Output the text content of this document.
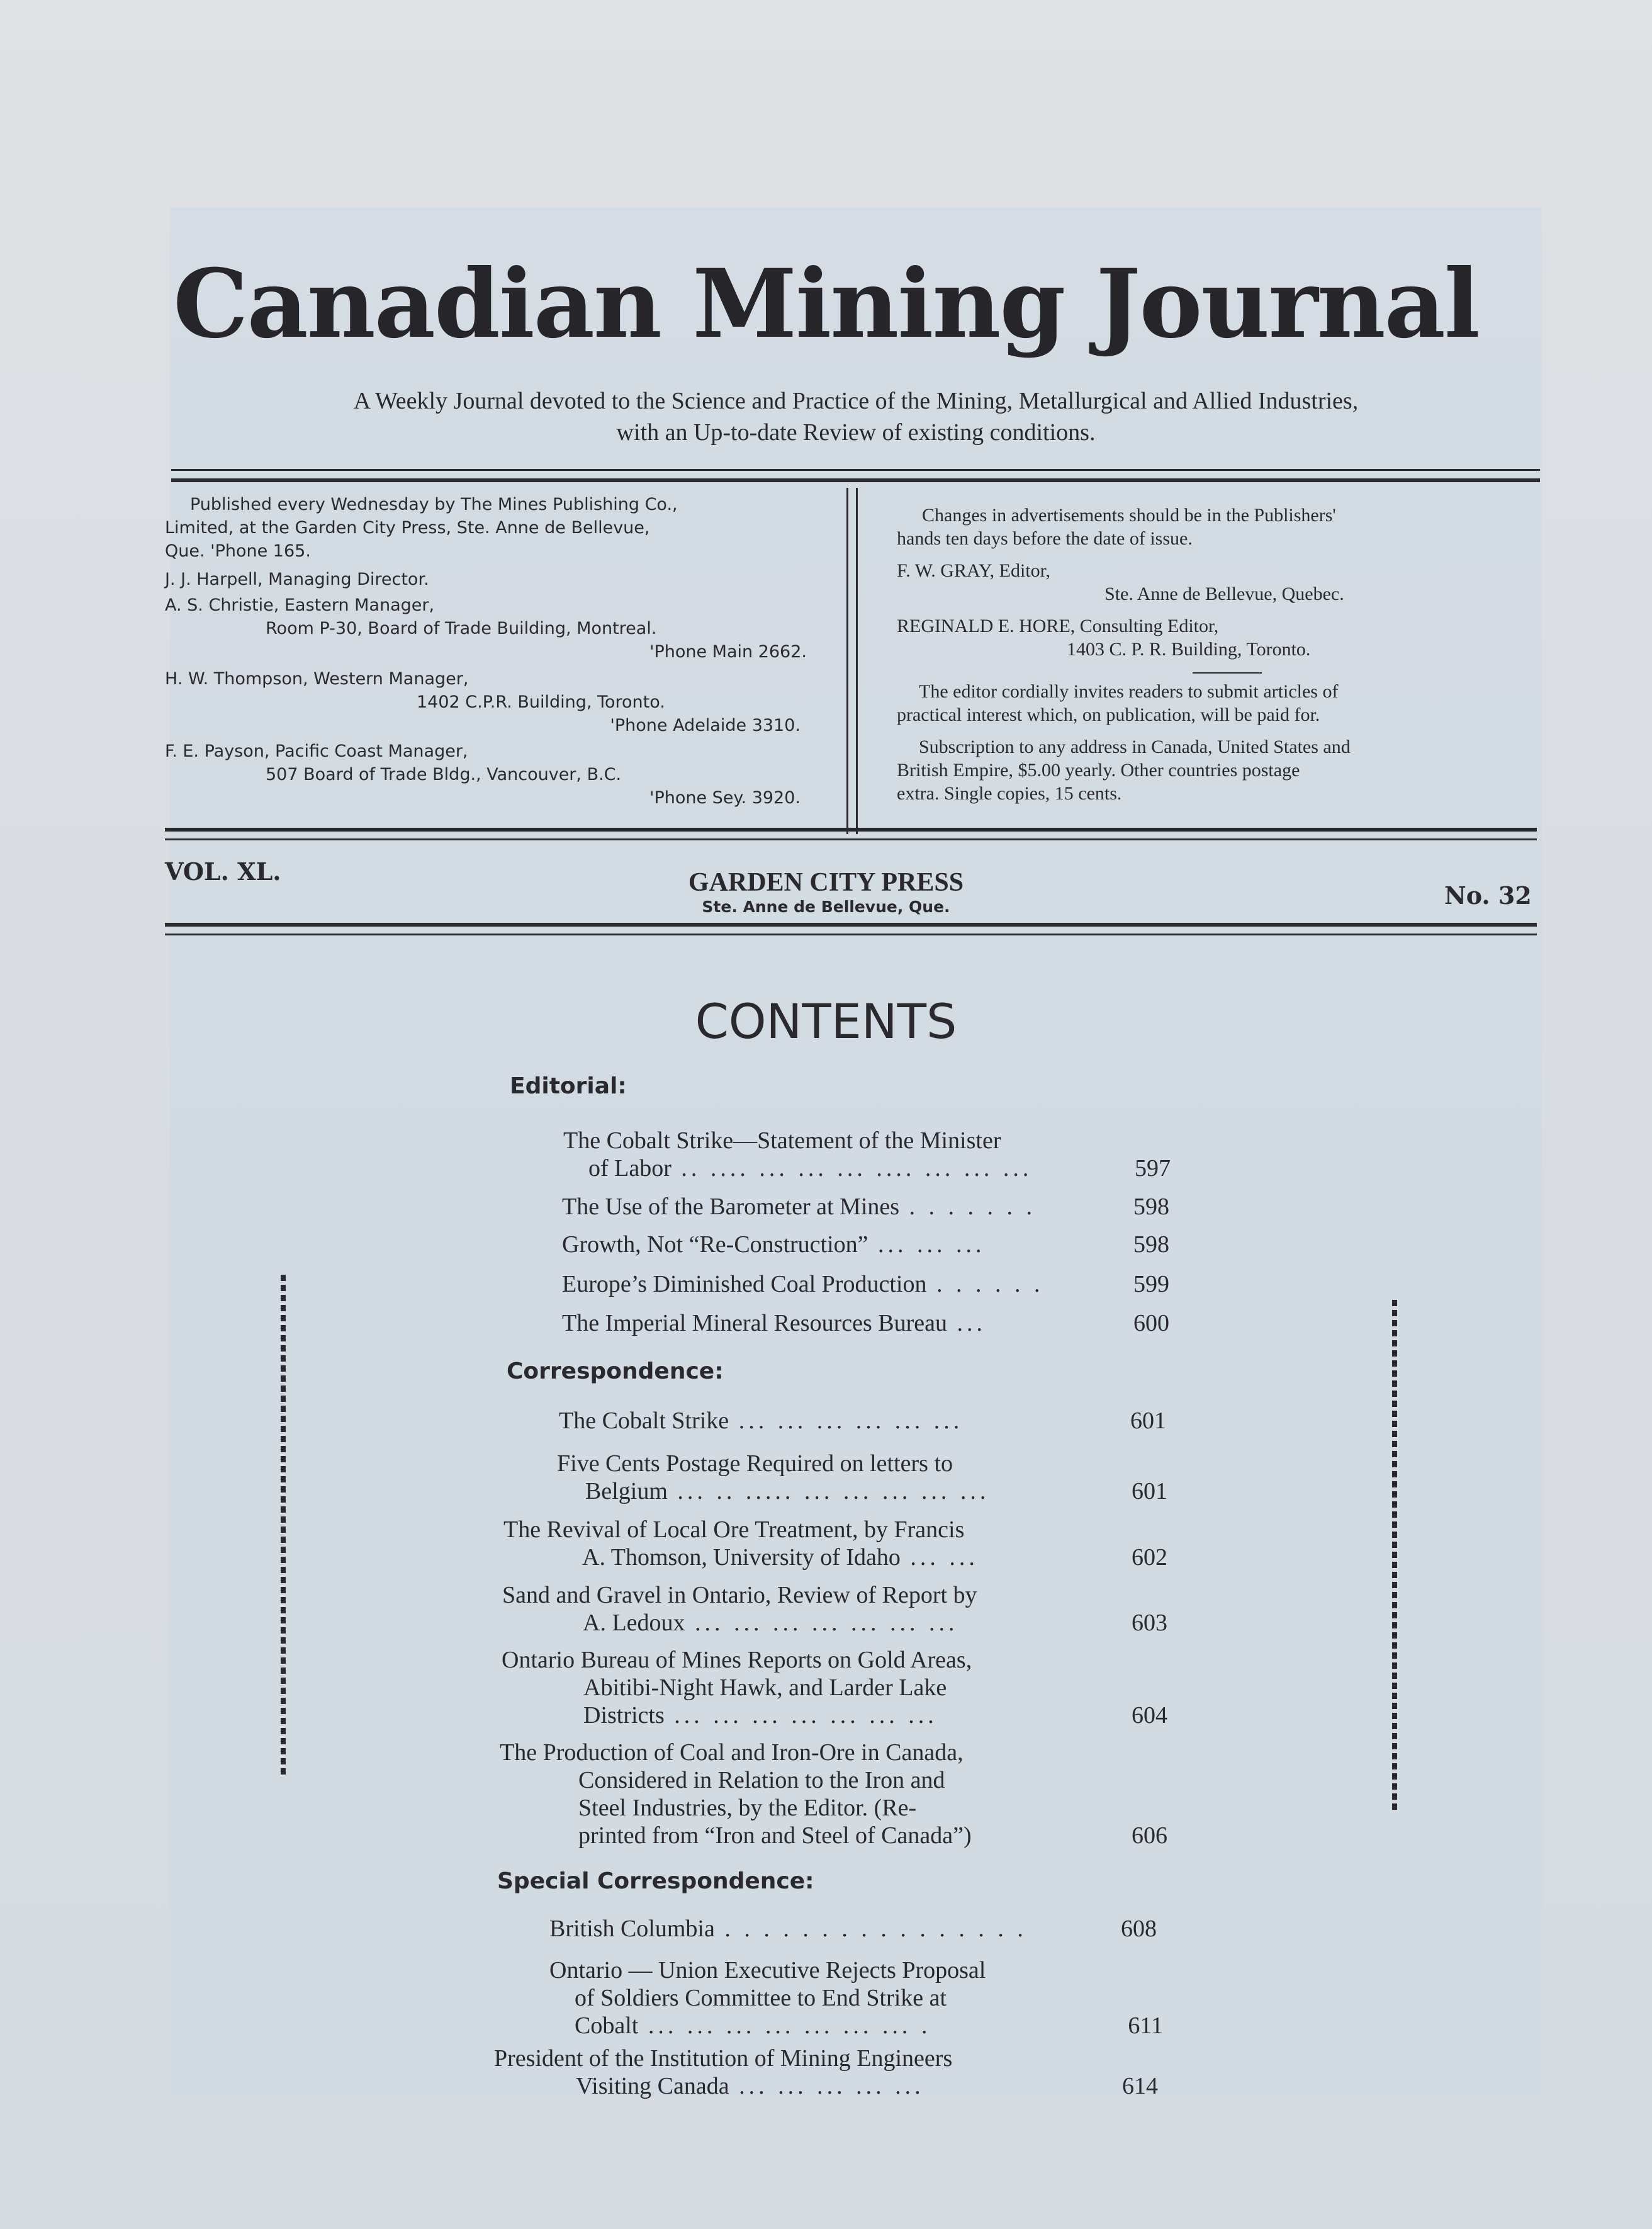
Canadian Mining Journal
A Weekly Journal devoted to the Science and Practice of the Mining, Metallurgical and Allied Industries,
with an Up-to-date Review of existing conditions.

Published every Wednesday by The Mines Publishing Co.,

Limited, at the Garden City Press, Ste. Anne de Bellevue,

Que. 'Phone 165.

J. J. Harpell, Managing Director.

A. S. Christie, Eastern Manager,

Room P-30, Board of Trade Building, Montreal.

'Phone Main 2662.

H. W. Thompson, Western Manager,

1402 C.P.R. Building, Toronto.

'Phone Adelaide 3310.

F. E. Payson, Pacific Coast Manager,

507 Board of Trade Bldg., Vancouver, B.C.

'Phone Sey. 3920.

Changes in advertisements should be in the Publishers'

hands ten days before the date of issue.

F. W. GRAY, Editor,

Ste. Anne de Bellevue, Quebec.

REGINALD E. HORE, Consulting Editor,

1403 C. P. R. Building, Toronto.

The editor cordially invites readers to submit articles of

practical interest which, on publication, will be paid for.

Subscription to any address in Canada, United States and

British Empire, $5.00 yearly. Other countries postage

extra. Single copies, 15 cents.

VOL. XL.	GARDEN CITY PRESS
Ste. Anne de Bellevue, Que.	No. 32
CONTENTS
Editorial:
The Cobalt Strike—Statement of the Minister
of Labor .. .... ... ... ... .... ... ... ...	597
The Use of the Barometer at Mines . . . . . . .	598
Growth, Not “Re-Construction” ... ... ...	598
Europe’s Diminished Coal Production . . . . . .	599
The Imperial Mineral Resources Bureau ...	600
Correspondence:
The Cobalt Strike ... ... ... ... ... ...	601
Five Cents Postage Required on letters to
Belgium ... .. ..... ... ... ... ... ...	601
The Revival of Local Ore Treatment, by Francis
A. Thomson, University of Idaho ... ...	602
Sand and Gravel in Ontario, Review of Report by
A. Ledoux ... ... ... ... ... ... ...	603
Ontario Bureau of Mines Reports on Gold Areas,
Abitibi-Night Hawk, and Larder Lake
Districts ... ... ... ... ... ... ...	604
The Production of Coal and Iron-Ore in Canada,
Considered in Relation to the Iron and
Steel Industries, by the Editor. (Re-
printed from “Iron and Steel of Canada”)	606
Special Correspondence:
British Columbia . . . . . . . . . . . . . . . .	608
Ontario — Union Executive Rejects Proposal
of Soldiers Committee to End Strike at
Cobalt ... ... ... ... ... ... ... .	611
President of the Institution of Mining Engineers
Visiting Canada ... ... ... ... ...	614
